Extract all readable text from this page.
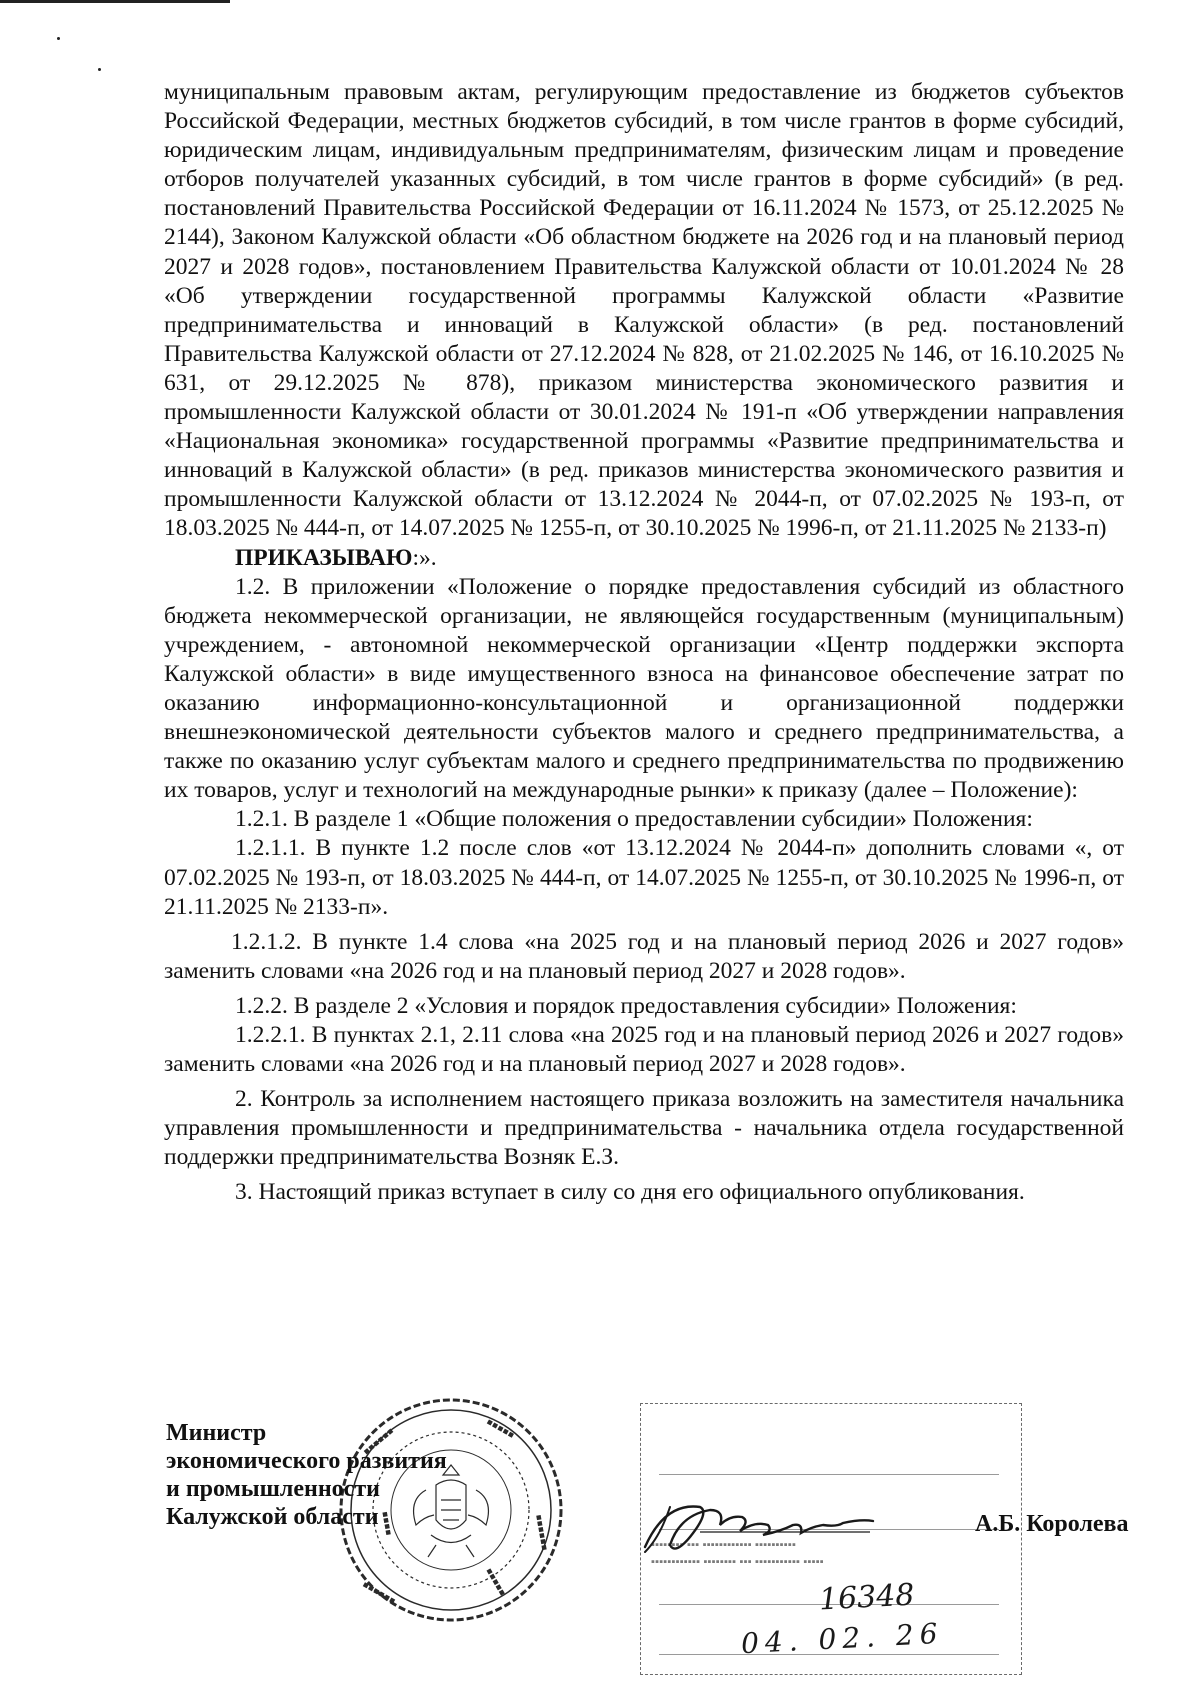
муниципальным правовым актам, регулирующим предоставление из бюджетов субъектов Российской Федерации, местных бюджетов субсидий, в том числе грантов в форме субсидий, юридическим лицам, индивидуальным предпринимателям, физическим лицам и проведение отборов получателей указанных субсидий, в том числе грантов в форме субсидий» (в ред. постановлений Правительства Российской Федерации от 16.11.2024 № 1573, от 25.12.2025 № 2144), Законом Калужской области «Об областном бюджете на 2026 год и на плановый период 2027 и 2028 годов», постановлением Правительства Калужской области от 10.01.2024 № 28 «Об утверждении государственной программы Калужской области «Развитие предпринимательства и инноваций в Калужской области» (в ред. постановлений Правительства Калужской области от 27.12.2024 № 828, от 21.02.2025 № 146, от 16.10.2025 № 631, от 29.12.2025 № 878), приказом министерства экономического развития и промышленности Калужской области от 30.01.2024 № 191-п «Об утверждении направления «Национальная экономика» государственной программы «Развитие предпринимательства и инноваций в Калужской области» (в ред. приказов министерства экономического развития и промышленности Калужской области от 13.12.2024 № 2044-п, от 07.02.2025 № 193-п, от 18.03.2025 № 444-п, от 14.07.2025 № 1255-п, от 30.10.2025 № 1996-п, от 21.11.2025 № 2133-п)

ПРИКАЗЫВАЮ:».

1.2. В приложении «Положение о порядке предоставления субсидий из областного бюджета некоммерческой организации, не являющейся государственным (муниципальным) учреждением, - автономной некоммерческой организации «Центр поддержки экспорта Калужской области» в виде имущественного взноса на финансовое обеспечение затрат по оказанию информационно-консультационной и организационной поддержки внешнеэкономической деятельности субъектов малого и среднего предпринимательства, а также по оказанию услуг субъектам малого и среднего предпринимательства по продвижению их товаров, услуг и технологий на международные рынки» к приказу (далее – Положение):

1.2.1. В разделе 1 «Общие положения о предоставлении субсидии» Положения:

1.2.1.1. В пункте 1.2 после слов «от 13.12.2024 № 2044-п» дополнить словами «, от 07.02.2025 № 193-п, от 18.03.2025 № 444-п, от 14.07.2025 № 1255-п, от 30.10.2025 № 1996-п, от 21.11.2025 № 2133-п».

1.2.1.2. В пункте 1.4 слова «на 2025 год и на плановый период 2026 и 2027 годов» заменить словами «на 2026 год и на плановый период 2027 и 2028 годов».

1.2.2. В разделе 2 «Условия и порядок предоставления субсидии» Положения:

1.2.2.1. В пунктах 2.1, 2.11 слова «на 2025 год и на плановый период 2026 и 2027 годов» заменить словами «на 2026 год и на плановый период 2027 и 2028 годов».

2. Контроль за исполнением настоящего приказа возложить на заместителя начальника управления промышленности и предпринимательства - начальника отдела государственной поддержки предпринимательства Возняк Е.З.

3. Настоящий приказ вступает в силу со дня его официального опубликования.

Министр
экономического развития
и промышленности
Калужской области
▪▪▪▪▪▪	▪▪▪▪▪
▪▪▪▪▪▪
▪▪▪▪▪▪	▪▪▪▪▪
▪▪▪▪
▪▪▪▪▪▪▪▪ ▪▪▪ ▪▪▪▪▪▪▪▪▪▪▪▪ ▪▪▪▪▪▪▪▪▪▪
▪▪▪▪▪▪▪▪▪▪▪▪ ▪▪▪▪▪▪▪▪ ▪▪▪ ▪▪▪▪▪▪▪▪▪▪▪ ▪▪▪▪▪
16348
04. 02. 26
А.Б. Королева
